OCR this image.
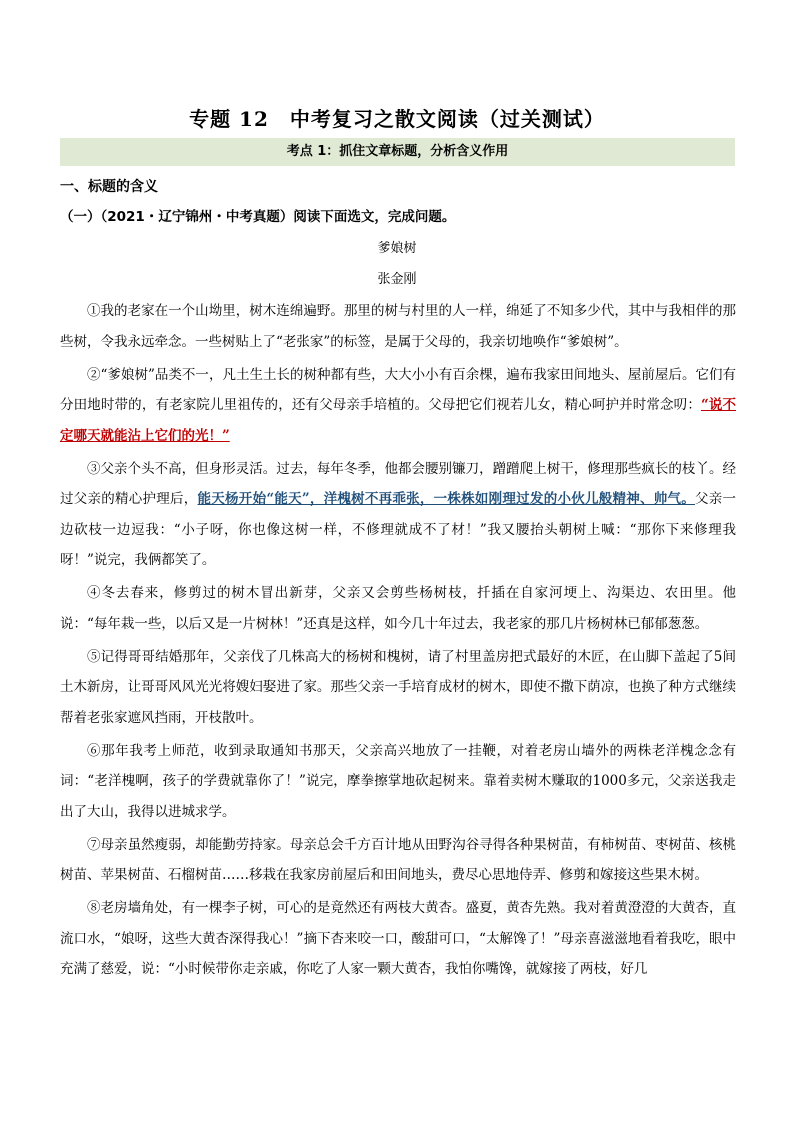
专题 12　中考复习之散文阅读（过关测试）
考点 1：抓住文章标题，分析含义作用
一、标题的含义
（一）（2021・辽宁锦州・中考真题）阅读下面选文，完成问题。
爹娘树
张金刚

①我的老家在一个山坳里，树木连绵遍野。那里的树与村里的人一样，绵延了不知多少代，其中与我相伴的那些树，令我永远牵念。一些树贴上了“老张家”的标签，是属于父母的，我亲切地唤作“爹娘树”。

②“爹娘树”品类不一，凡土生土长的树种都有些，大大小小有百余棵，遍布我家田间地头、屋前屋后。它们有分田地时带的，有老家院儿里祖传的，还有父母亲手培植的。父母把它们视若儿女，精心呵护并时常念叨：“说不定哪天就能沾上它们的光！”

③父亲个头不高，但身形灵活。过去，每年冬季，他都会腰别镰刀，蹭蹭爬上树干，修理那些疯长的枝丫。经过父亲的精心护理后，能天杨开始“能天”，洋槐树不再乖张，一株株如刚理过发的小伙儿般精神、帅气。父亲一边砍枝一边逗我：“小子呀，你也像这树一样，不修理就成不了材！”我又腰抬头朝树上喊：“那你下来修理我呀！”说完，我俩都笑了。

④冬去春来，修剪过的树木冒出新芽，父亲又会剪些杨树枝，扦插在自家河埂上、沟渠边、农田里。他说：“每年栽一些，以后又是一片树林！”还真是这样，如今几十年过去，我老家的那几片杨树林已郁郁葱葱。

⑤记得哥哥结婚那年，父亲伐了几株高大的杨树和槐树，请了村里盖房把式最好的木匠，在山脚下盖起了5间土木新房，让哥哥风风光光将嫂妇娶进了家。那些父亲一手培育成材的树木，即使不撒下荫凉，也换了种方式继续帮着老张家遮风挡雨，开枝散叶。

⑥那年我考上师范，收到录取通知书那天，父亲高兴地放了一挂鞭，对着老房山墙外的两株老洋槐念念有词：“老洋槐啊，孩子的学费就靠你了！”说完，摩拳擦掌地砍起树来。靠着卖树木赚取的1000多元，父亲送我走出了大山，我得以进城求学。

⑦母亲虽然瘦弱，却能勤劳持家。母亲总会千方百计地从田野沟谷寻得各种果树苗，有柿树苗、枣树苗、核桃树苗、苹果树苗、石榴树苗……移栽在我家房前屋后和田间地头，费尽心思地侍弄、修剪和嫁接这些果木树。

⑧老房墙角处，有一棵李子树，可心的是竟然还有两枝大黄杏。盛夏，黄杏先熟。我对着黄澄澄的大黄杏，直流口水，“娘呀，这些大黄杏深得我心！”摘下杏来咬一口，酸甜可口，“太解馋了！”母亲喜滋滋地看着我吃，眼中充满了慈爱，说：“小时候带你走亲戚，你吃了人家一颗大黄杏，我怕你嘴馋，就嫁接了两枝，好几
